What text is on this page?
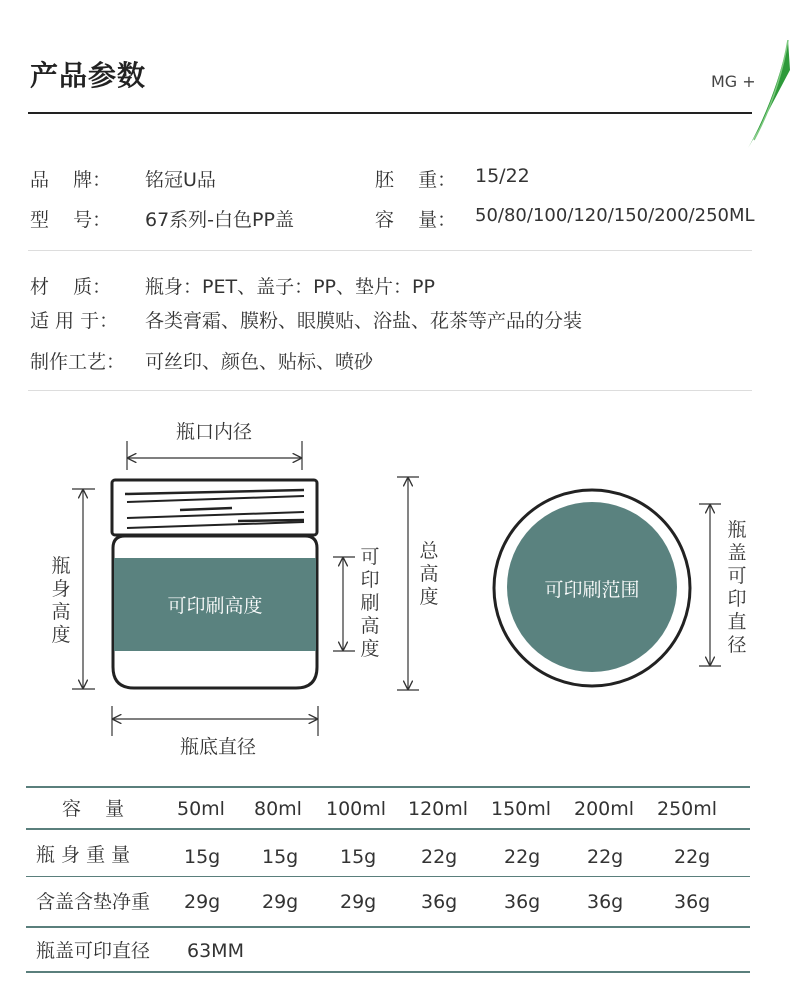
产品参数	MG +
品    牌： 铭冠U品	胚    重： 15/22
型    号： 67系列-白色PP盖	容    量： 50/80/100/120/150/200/250ML
材    质： 瓶身：PET、盖子：PP、垫片：PP
适 用 于： 各类膏霜、膜粉、眼膜贴、浴盐、花茶等产品的分装
制作工艺： 可丝印、颜色、贴标、喷砂
瓶口内径
可印刷高度
瓶
身
高
度
可
印
刷
高
度
总
高
度
瓶底直径
可印刷范围
瓶
盖
可
印
直
径
容    量	50ml 80ml 100ml 120ml 150ml 200ml 250ml
瓶 身 重 量	15g 15g 15g 22g 22g 22g	22g
含盖含垫净重 29g 29g 29g 36g 36g 36g	36g
瓶盖可印直径 63MM
